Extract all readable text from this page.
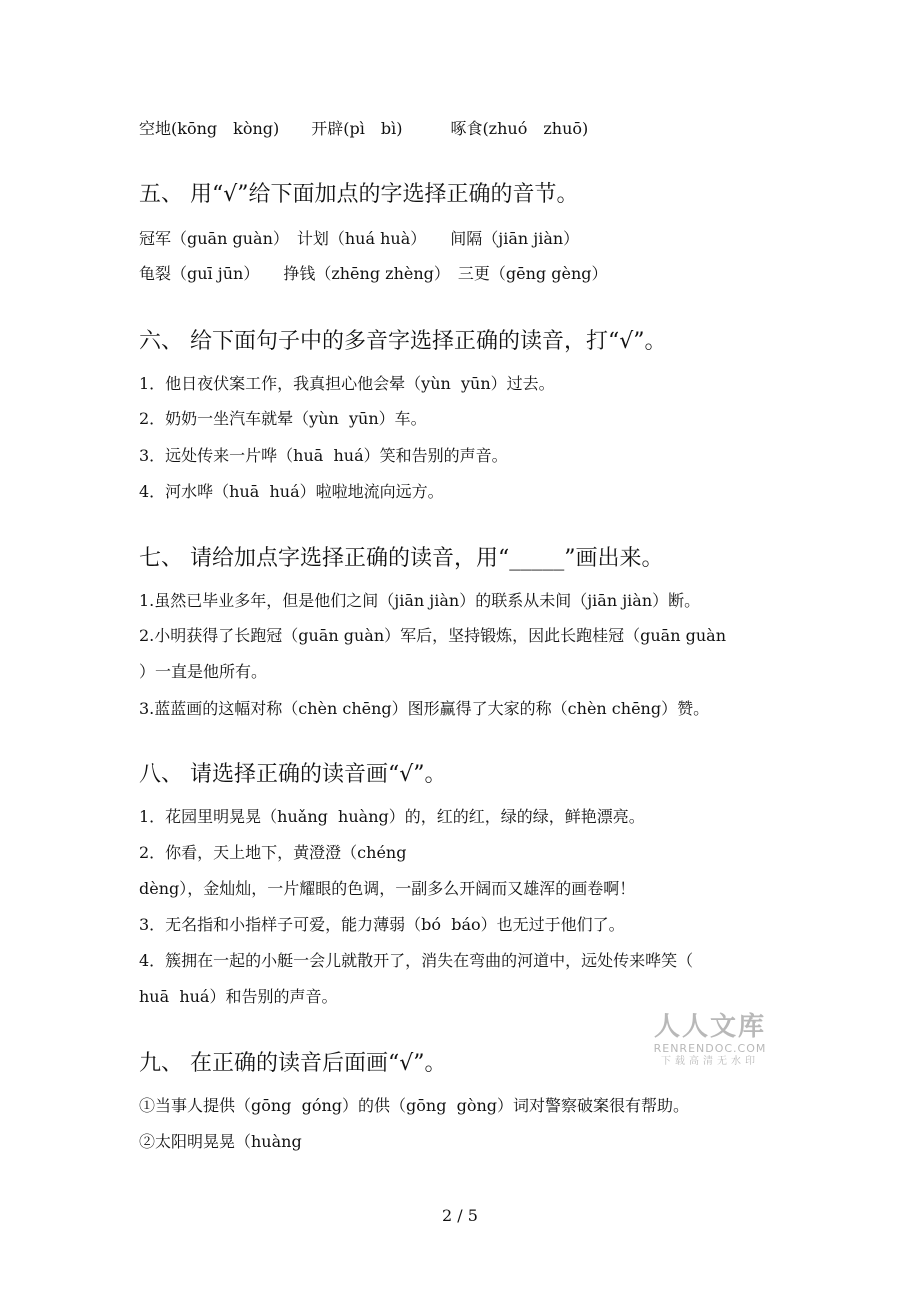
空地(kōng　kòng)　　开辟(pì　bì)　　　啄食(zhuó　zhuō)
五、 用“√”给下面加点的字选择正确的音节。
冠军（guān guàn）　计划（huá huà）　　间隔（jiān jiàn）
龟裂（guī jūn）　　挣钱（zhēng zhèng）　三更（gēng gèng）
六、 给下面句子中的多音字选择正确的读音，打“√”。
1．他日夜伏案工作，我真担心他会晕（yùn  yūn）过去。
2．奶奶一坐汽车就晕（yùn  yūn）车。
3．远处传来一片哗（huā  huá）笑和告别的声音。
4．河水哗（huā  huá）啦啦地流向远方。
七、 请给加点字选择正确的读音，用“_____”画出来。
1.虽然已毕业多年，但是他们之间（jiān jiàn）的联系从未间（jiān jiàn）断。
2.小明获得了长跑冠（guān guàn）军后，坚持锻炼，因此长跑桂冠（guān guàn
）一直是他所有。
3.蓝蓝画的这幅对称（chèn chēng）图形赢得了大家的称（chèn chēng）赞。
八、 请选择正确的读音画“√”。
1．花园里明晃晃（huǎng  huàng）的，红的红，绿的绿，鲜艳漂亮。
2．你看，天上地下，黄澄澄（chéng
dèng），金灿灿，一片耀眼的色调，一副多么开阔而又雄浑的画卷啊！
3．无名指和小指样子可爱，能力薄弱（bó  báo）也无过于他们了。
4．簇拥在一起的小艇一会儿就散开了，消失在弯曲的河道中，远处传来哗笑（
huā  huá）和告别的声音。
九、 在正确的读音后面画“√”。
①当事人提供（gōng  góng）的供（gōng  gòng）词对警察破案很有帮助。
②太阳明晃晃（huàng
人人文库
RENRENDOC.COM
下载高清无水印
2 / 5
